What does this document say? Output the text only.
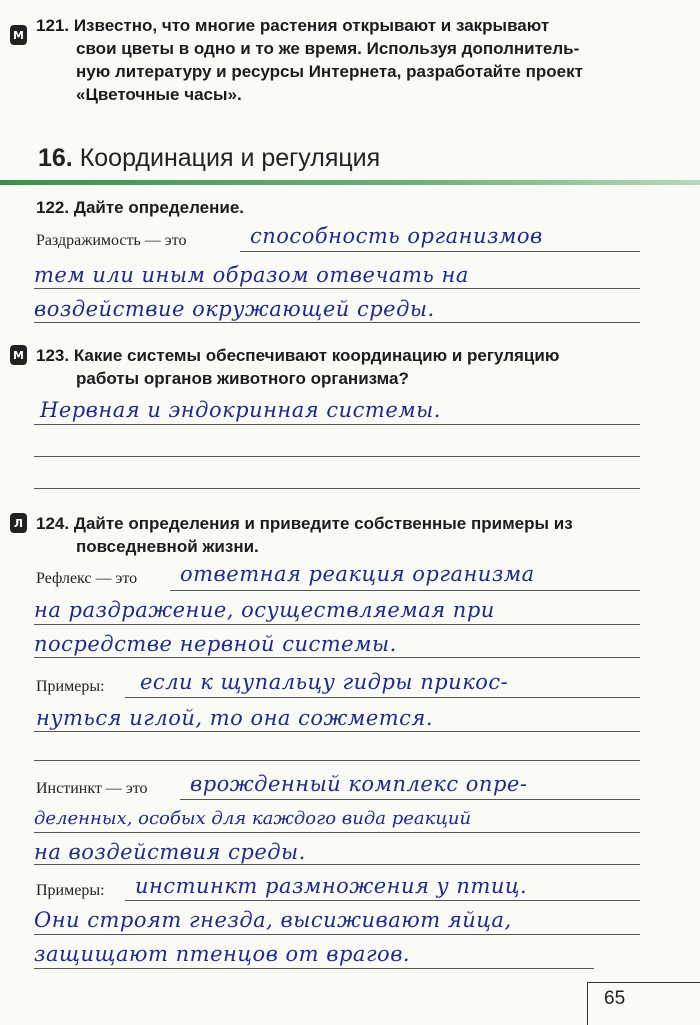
М 121. Известно, что многие растения открывают и закрывают
свои цветы в одно и то же время. Используя дополнитель-
ную литературу и ресурсы Интернета, разработайте проект
«Цветочные часы».
16. Координация и регуляция
122. Дайте определение.
Раздражимость — это	способность организмов
тем или иным образом отвечать на
воздействие окружающей среды.
М 123. Какие системы обеспечивают координацию и регуляцию
работы органов животного организма?
Нервная и эндокринная системы.
Л 124. Дайте определения и приведите собственные примеры из
повседневной жизни.
Рефлекс — это ответная реакция организма
на раздражение, осуществляемая при
посредстве нервной системы.
Примеры: если к щупальцу гидры прикос-
нуться иглой, то она сожмется.
Инстинкт — это врожденный комплекс опре-
деленных, особых для каждого вида реакций
на воздействия среды.
Примеры: инстинкт размножения у птиц.
Они строят гнезда, высиживают яйца,
защищают птенцов от врагов.
65
